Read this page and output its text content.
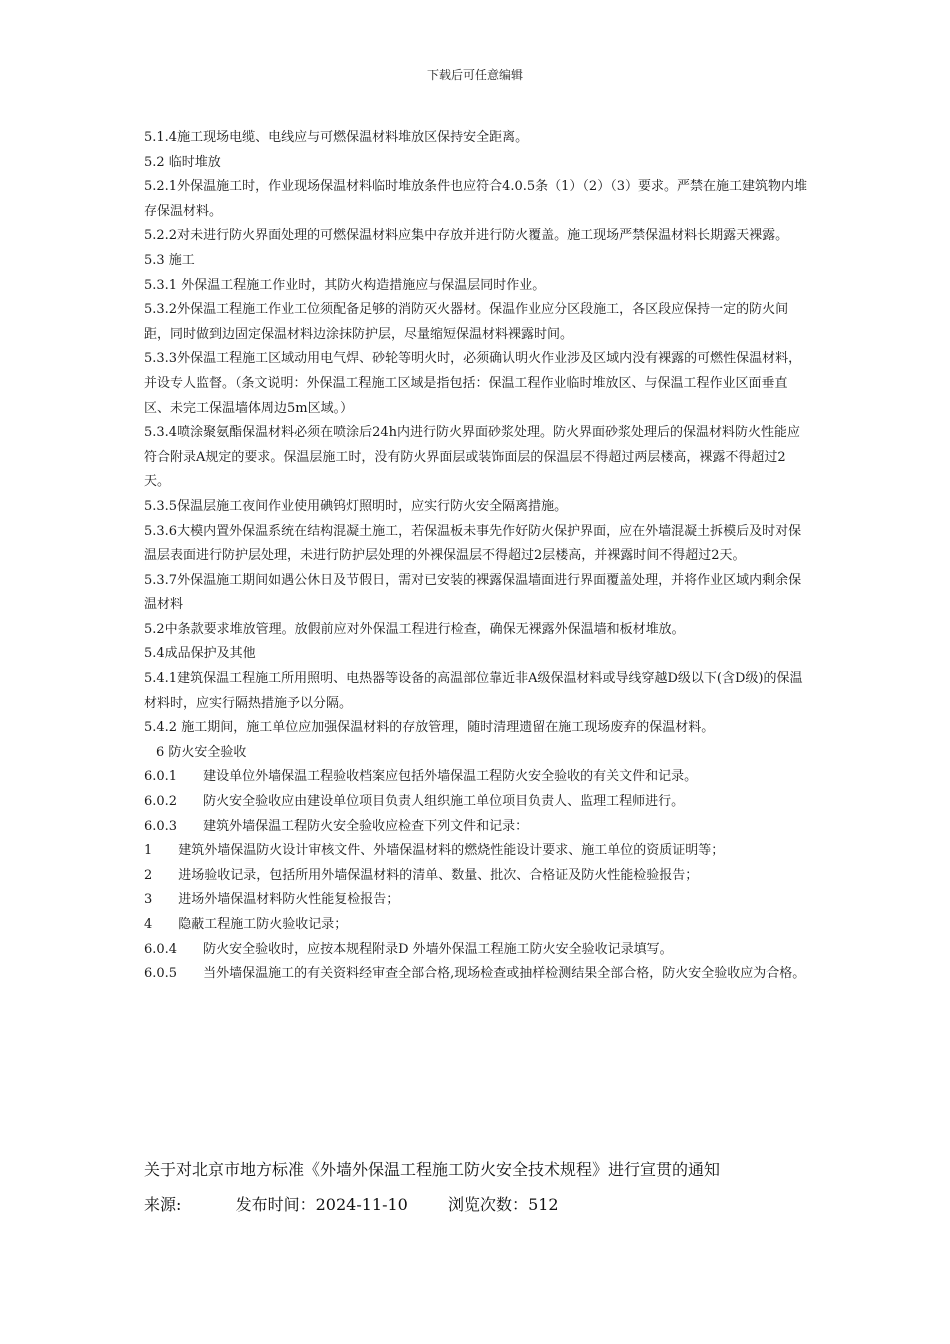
下载后可任意编辑

5.1.4施工现场电缆、电线应与可燃保温材料堆放区保持安全距离。

5.2 临时堆放

5.2.1外保温施工时，作业现场保温材料临时堆放条件也应符合4.0.5条（1）（2）（3）要求。严禁在施工建筑物内堆存保温材料。

5.2.2对未进行防火界面处理的可燃保温材料应集中存放并进行防火覆盖。施工现场严禁保温材料长期露天裸露。

5.3 施工

5.3.1 外保温工程施工作业时，其防火构造措施应与保温层同时作业。

5.3.2外保温工程施工作业工位须配备足够的消防灭火器材。保温作业应分区段施工，各区段应保持一定的防火间距，同时做到边固定保温材料边涂抹防护层，尽量缩短保温材料裸露时间。

5.3.3外保温工程施工区域动用电气焊、砂轮等明火时，必须确认明火作业涉及区域内没有裸露的可燃性保温材料，并设专人监督。（条文说明：外保温工程施工区域是指包括：保温工程作业临时堆放区、与保温工程作业区面垂直区、未完工保温墙体周边5m区域。）

5.3.4喷涂聚氨酯保温材料必须在喷涂后24h内进行防火界面砂浆处理。防火界面砂浆处理后的保温材料防火性能应符合附录A规定的要求。保温层施工时，没有防火界面层或装饰面层的保温层不得超过两层楼高，裸露不得超过2天。

5.3.5保温层施工夜间作业使用碘钨灯照明时，应实行防火安全隔离措施。

5.3.6大模内置外保温系统在结构混凝土施工，若保温板未事先作好防火保护界面，应在外墙混凝土拆模后及时对保温层表面进行防护层处理，未进行防护层处理的外裸保温层不得超过2层楼高，并裸露时间不得超过2天。

5.3.7外保温施工期间如遇公休日及节假日，需对已安装的裸露保温墙面进行界面覆盖处理，并将作业区域内剩余保温材料

5.2中条款要求堆放管理。放假前应对外保温工程进行检查，确保无裸露外保温墙和板材堆放。

5.4成品保护及其他

5.4.1建筑保温工程施工所用照明、电热器等设备的高温部位靠近非A级保温材料或导线穿越D级以下(含D级)的保温材料时，应实行隔热措施予以分隔。

5.4.2 施工期间，施工单位应加强保温材料的存放管理，随时清理遗留在施工现场废弃的保温材料。

6 防火安全验收

6.0.1　　建设单位外墙保温工程验收档案应包括外墙保温工程防火安全验收的有关文件和记录。

6.0.2　　防火安全验收应由建设单位项目负责人组织施工单位项目负责人、监理工程师进行。

6.0.3　　建筑外墙保温工程防火安全验收应检查下列文件和记录：

1　　建筑外墙保温防火设计审核文件、外墙保温材料的燃烧性能设计要求、施工单位的资质证明等；

2　　进场验收记录，包括所用外墙保温材料的清单、数量、批次、合格证及防火性能检验报告；

3　　进场外墙保温材料防火性能复检报告；

4　　隐蔽工程施工防火验收记录；

6.0.4　　防火安全验收时，应按本规程附录D 外墙外保温工程施工防火安全验收记录填写。

6.0.5　　当外墙保温施工的有关资料经审查全部合格,现场检查或抽样检测结果全部合格，防火安全验收应为合格。

关于对北京市地方标准《外墙外保温工程施工防火安全技术规程》进行宣贯的通知
来源:	发布时间：2024-11-10	浏览次数：512
